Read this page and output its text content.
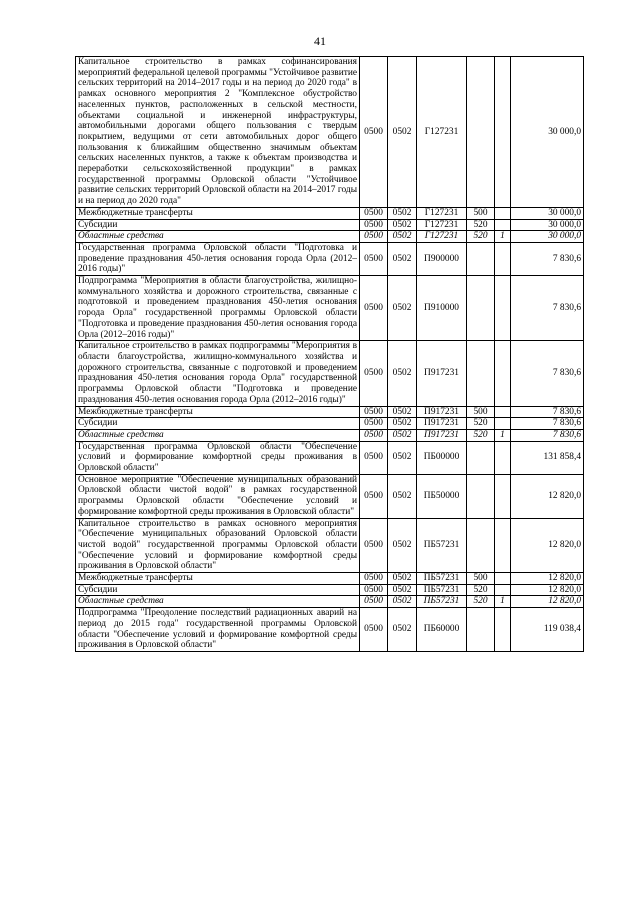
41
Капитальное строительство в рамках софинансирования мероприятий федеральной целевой программы "Устойчивое развитие сельских территорий на 2014–2017 годы и на период до 2020 года" в рамках основного мероприятия 2 "Комплексное обустройство населенных пунктов, расположенных в сельской местности, объектами социальной и инженерной инфраструктуры, автомобильными дорогами общего пользования с твердым покрытием, ведущими от сети автомобильных дорог общего пользования к ближайшим общественно значимым объектам сельских населенных пунктов, а также к объектам производства и переработки сельскохозяйственной продукции" в рамках государственной программы Орловской области "Устойчивое развитие сельских территорий Орловской области на 2014–2017 годы и на период до 2020 года"	0500	0502	Г127231			30 000,0
Межбюджетные трансферты	0500	0502	Г127231	500		30 000,0
Субсидии	0500	0502	Г127231	520		30 000,0
Областные средства	0500	0502	Г127231	520	1	30 000,0
Государственная программа Орловской области "Подготовка и проведение празднования 450-летия основания города Орла (2012–2016 годы)"	0500	0502	П900000			7 830,6
Подпрограмма "Мероприятия в области благоустройства, жилищно-коммунального хозяйства и дорожного строительства, связанные с подготовкой и проведением празднования 450-летия основания города Орла" государственной программы Орловской области "Подготовка и проведение празднования 450-летия основания города Орла (2012–2016 годы)"	0500	0502	П910000			7 830,6
Капитальное строительство в рамках подпрограммы "Мероприятия в области благоустройства, жилищно-коммунального хозяйства и дорожного строительства, связанные с подготовкой и проведением празднования 450-летия основания города Орла" государственной программы Орловской области "Подготовка и проведение празднования 450-летия основания города Орла (2012–2016 годы)"	0500	0502	П917231			7 830,6
Межбюджетные трансферты	0500	0502	П917231	500		7 830,6
Субсидии	0500	0502	П917231	520		7 830,6
Областные средства	0500	0502	П917231	520	1	7 830,6
Государственная программа Орловской области "Обеспечение условий и формирование комфортной среды проживания в Орловской области"	0500	0502	ПБ00000			131 858,4
Основное мероприятие "Обеспечение муниципальных образований Орловской области чистой водой" в рамках государственной программы Орловской области "Обеспечение условий и формирование комфортной среды проживания в Орловской области"	0500	0502	ПБ50000			12 820,0
Капитальное строительство в рамках основного мероприятия "Обеспечение муниципальных образований Орловской области чистой водой" государственной программы Орловской области "Обеспечение условий и формирование комфортной среды проживания в Орловской области"	0500	0502	ПБ57231			12 820,0
Межбюджетные трансферты	0500	0502	ПБ57231	500		12 820,0
Субсидии	0500	0502	ПБ57231	520		12 820,0
Областные средства	0500	0502	ПБ57231	520	1	12 820,0
Подпрограмма "Преодоление последствий радиационных аварий на период до 2015 года" государственной программы Орловской области "Обеспечение условий и формирование комфортной среды проживания в Орловской области"	0500	0502	ПБ60000			119 038,4
